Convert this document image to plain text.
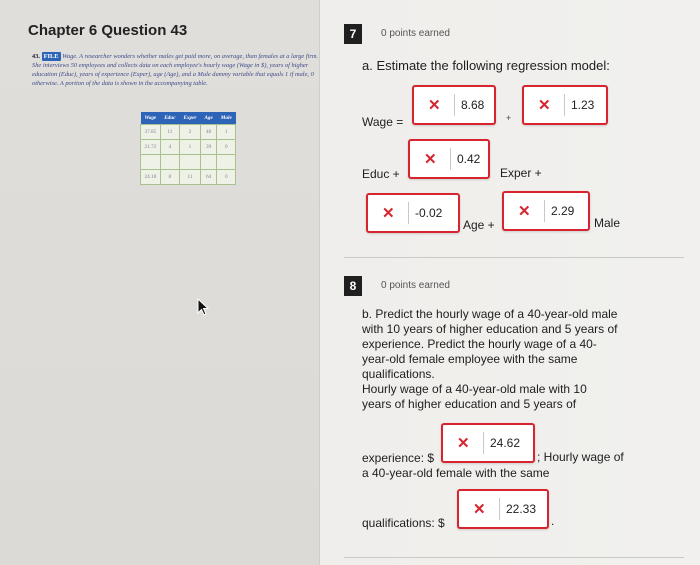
Chapter 6 Question 43
43. FILE Wage. A researcher wonders whether males get paid more, on average, than females at a large firm. She interviews 50 employees and collects data on each employee's hourly wage (Wage in $), years of higher education (Educ), years of experience (Exper), age (Age), and a Male dummy variable that equals 1 if male, 0 otherwise. A portion of the data is shown in the accompanying table.
Wage	Educ	Exper	Age	Male
37.85	11	2	40	1
21.72	4	1	39	0

24.18	8	11	64	0
7	0 points earned
a. Estimate the following regression model:
Wage =
✕	8.68
+
✕	1.23
✕	0.42
Educ +	Exper +
✕	-0.02
Age +
✕	2.29
Male
8	0 points earned
b. Predict the hourly wage of a 40-year-old male
with 10 years of higher education and 5 years of
experience. Predict the hourly wage of a 40-
year-old female employee with the same
qualifications.
Hourly wage of a 40-year-old male with 10
years of higher education and 5 years of
✕	24.62
experience: $	; Hourly wage of
a 40-year-old female with the same
✕	22.33
qualifications: $	.
